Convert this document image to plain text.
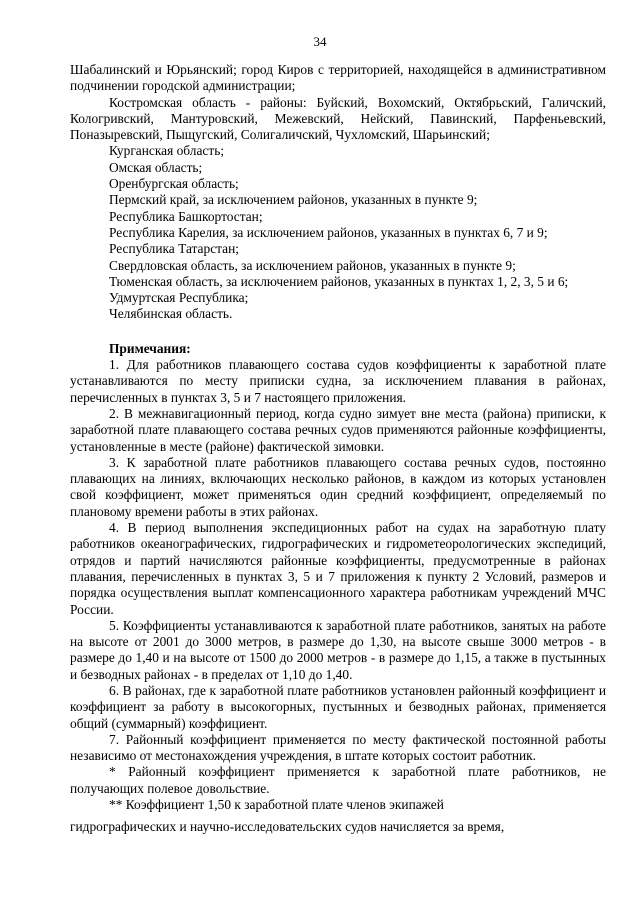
34

Шабалинский и Юрьянский; город Киров с территорией, находящейся в административном подчинении городской администрации;

Костромская область - районы: Буйский, Вохомский, Октябрьский, Галичский, Кологривский, Мантуровский, Межевский, Нейский, Павинский, Парфеньевский, Поназыревский, Пыщугский, Солигаличский, Чухломский, Шарьинский;

Курганская область;

Омская область;

Оренбургская область;

Пермский край, за исключением районов, указанных в пункте 9;

Республика Башкортостан;

Республика Карелия, за исключением районов, указанных в пунктах 6, 7 и 9;

Республика Татарстан;

Свердловская область, за исключением районов, указанных в пункте 9;

Тюменская область, за исключением районов, указанных в пунктах 1, 2, 3, 5 и 6;

Удмуртская Республика;

Челябинская область.

Примечания:

1. Для работников плавающего состава судов коэффициенты к заработной плате устанавливаются по месту приписки судна, за исключением плавания в районах, перечисленных в пунктах 3, 5 и 7 настоящего приложения.

2. В межнавигационный период, когда судно зимует вне места (района) приписки, к заработной плате плавающего состава речных судов применяются районные коэффициенты, установленные в месте (районе) фактической зимовки.

3. К заработной плате работников плавающего состава речных судов, постоянно плавающих на линиях, включающих несколько районов, в каждом из которых установлен свой коэффициент, может применяться один средний коэффициент, определяемый по плановому времени работы в этих районах.

4. В период выполнения экспедиционных работ на судах на заработную плату работников океанографических, гидрографических и гидрометеорологических экспедиций, отрядов и партий начисляются районные коэффициенты, предусмотренные в районах плавания, перечисленных в пунктах 3, 5 и 7 приложения к пункту 2 Условий, размеров и порядка осуществления выплат компенсационного характера работникам учреждений МЧС России.

5. Коэффициенты устанавливаются к заработной плате работников, занятых на работе на высоте от 2001 до 3000 метров, в размере до 1,30, на высоте свыше 3000 метров - в размере до 1,40 и на высоте от 1500 до 2000 метров - в размере до 1,15, а также в пустынных и безводных районах - в пределах от 1,10 до 1,40.

6. В районах, где к заработной плате работников установлен районный коэффициент и коэффициент за работу в высокогорных, пустынных и безводных районах, применяется общий (суммарный) коэффициент.

7. Районный коэффициент применяется по месту фактической постоянной работы независимо от местонахождения учреждения, в штате которых состоит работник.

* Районный коэффициент применяется к заработной плате работников, не получающих полевое довольствие.

** Коэффициент 1,50 к заработной плате членов экипажей

гидрографических и научно-исследовательских судов начисляется за время,
